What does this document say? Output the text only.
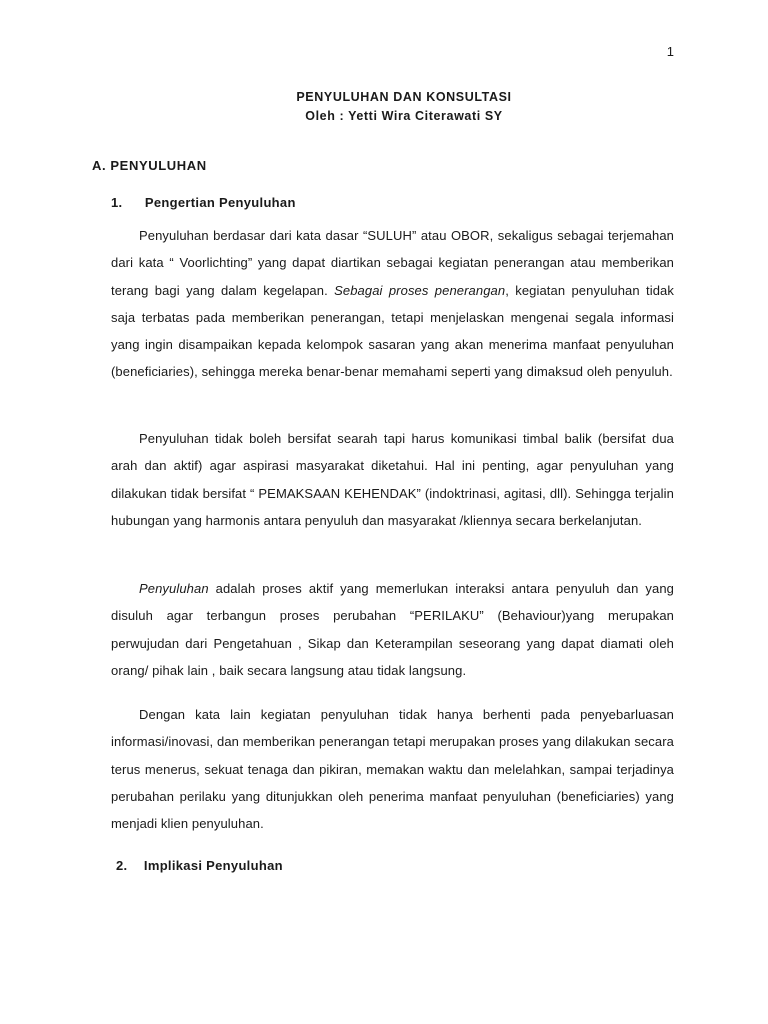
1
PENYULUHAN DAN KONSULTASI
Oleh : Yetti Wira Citerawati SY
A. PENYULUHAN
1. Pengertian Penyuluhan

Penyuluhan berdasar dari kata dasar “SULUH” atau OBOR, sekaligus sebagai terjemahan dari kata “ Voorlichting” yang dapat diartikan sebagai kegiatan penerangan atau memberikan terang bagi yang dalam kegelapan. Sebagai proses penerangan, kegiatan penyuluhan tidak saja terbatas pada memberikan penerangan, tetapi menjelaskan mengenai segala informasi yang ingin disampaikan kepada kelompok sasaran yang akan menerima manfaat penyuluhan (beneficiaries), sehingga mereka benar-benar memahami seperti yang dimaksud oleh penyuluh.

Penyuluhan tidak boleh bersifat searah tapi harus komunikasi timbal balik (bersifat dua arah dan aktif) agar aspirasi masyarakat diketahui. Hal ini penting, agar penyuluhan yang dilakukan tidak bersifat “ PEMAKSAAN KEHENDAK” (indoktrinasi, agitasi, dll). Sehingga terjalin hubungan yang harmonis antara penyuluh dan masyarakat /kliennya secara berkelanjutan.

Penyuluhan adalah proses aktif yang memerlukan interaksi antara penyuluh dan yang disuluh agar terbangun proses perubahan “PERILAKU” (Behaviour)yang merupakan perwujudan dari Pengetahuan , Sikap dan Keterampilan seseorang yang dapat diamati oleh orang/ pihak lain , baik secara langsung atau tidak langsung.

Dengan kata lain kegiatan penyuluhan tidak hanya berhenti pada penyebarluasan informasi/inovasi, dan memberikan penerangan tetapi merupakan proses yang dilakukan secara terus menerus, sekuat tenaga dan pikiran, memakan waktu dan melelahkan, sampai terjadinya perubahan perilaku yang ditunjukkan oleh penerima manfaat penyuluhan (beneficiaries) yang menjadi klien penyuluhan.

2. Implikasi Penyuluhan
